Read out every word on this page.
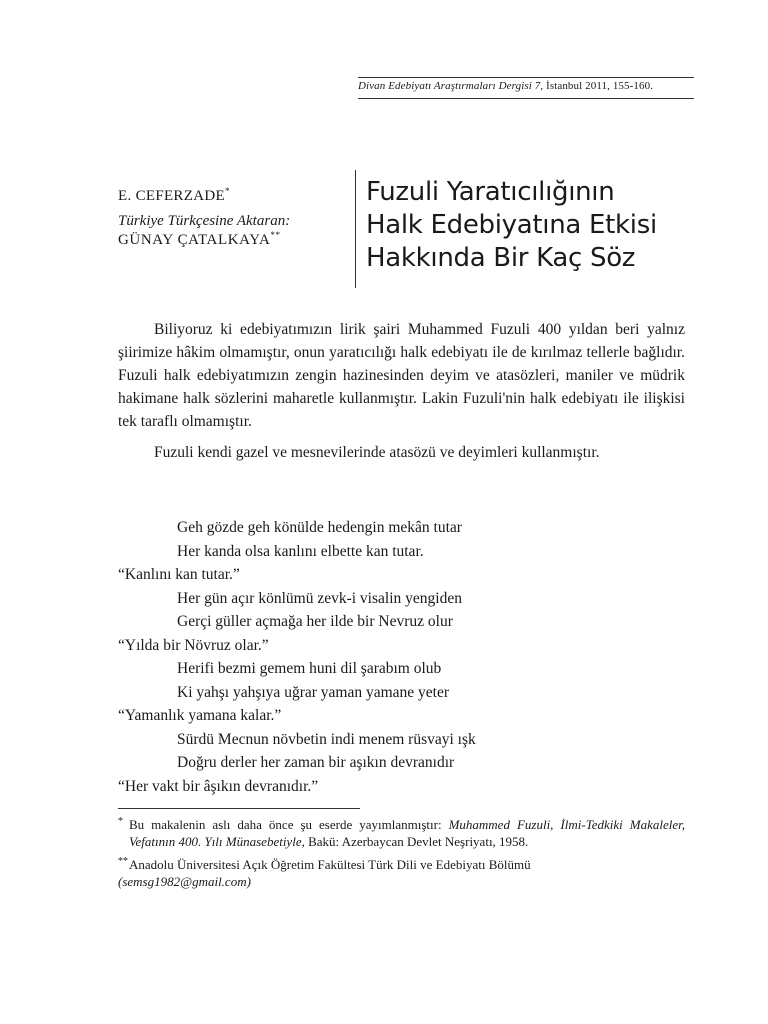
Divan Edebiyatı Araştırmaları Dergisi 7, İstanbul 2011, 155-160.
E. CEFERZADE*
Türkiye Türkçesine Aktaran:
GÜNAY ÇATALKAYA**
Fuzuli Yaratıcılığının
Halk Edebiyatına Etkisi
Hakkında Bir Kaç Söz

Biliyoruz ki edebiyatımızın lirik şairi Muhammed Fuzuli 400 yıldan beri yalnız şiirimize hâkim olmamıştır, onun yaratıcılığı halk edebiyatı ile de kırılmaz tellerle bağlıdır. Fuzuli halk edebiyatımızın zengin hazinesinden deyim ve atasözleri, maniler ve müdrik hakimane halk sözlerini maharetle kullanmıştır. Lakin Fuzuli'nin halk edebiyatı ile ilişkisi tek taraflı olmamıştır.

Fuzuli kendi gazel ve mesnevilerinde atasözü ve deyimleri kullanmıştır.

Geh gözde geh könülde hedengin mekân tutar
Her kanda olsa kanlını elbette kan tutar.
“Kanlını kan tutar.”
Her gün açır könlümü zevk-i visalin yengiden
Gerçi güller açmağa her ilde bir Nevruz olur
“Yılda bir Növruz olar.”
Herifi bezmi gemem huni dil şarabım olub
Ki yahşı yahşıya uğrar yaman yamane yeter
“Yamanlık yamana kalar.”
Sürdü Mecnun növbetin indi menem rüsvayi ışk
Doğru derler her zaman bir aşıkın devranıdır
“Her vakt bir âşıkın devranıdır.”
* Bu makalenin aslı daha önce şu eserde yayımlanmıştır: Muhammed Fuzuli, İlmi-Tedkiki Makaleler, Vefatının 400. Yılı Münasebetiyle, Bakü: Azerbaycan Devlet Neşriyatı, 1958.
** Anadolu Üniversitesi Açık Öğretim Fakültesi Türk Dili ve Edebiyatı Bölümü
(semsg1982@gmail.com)
